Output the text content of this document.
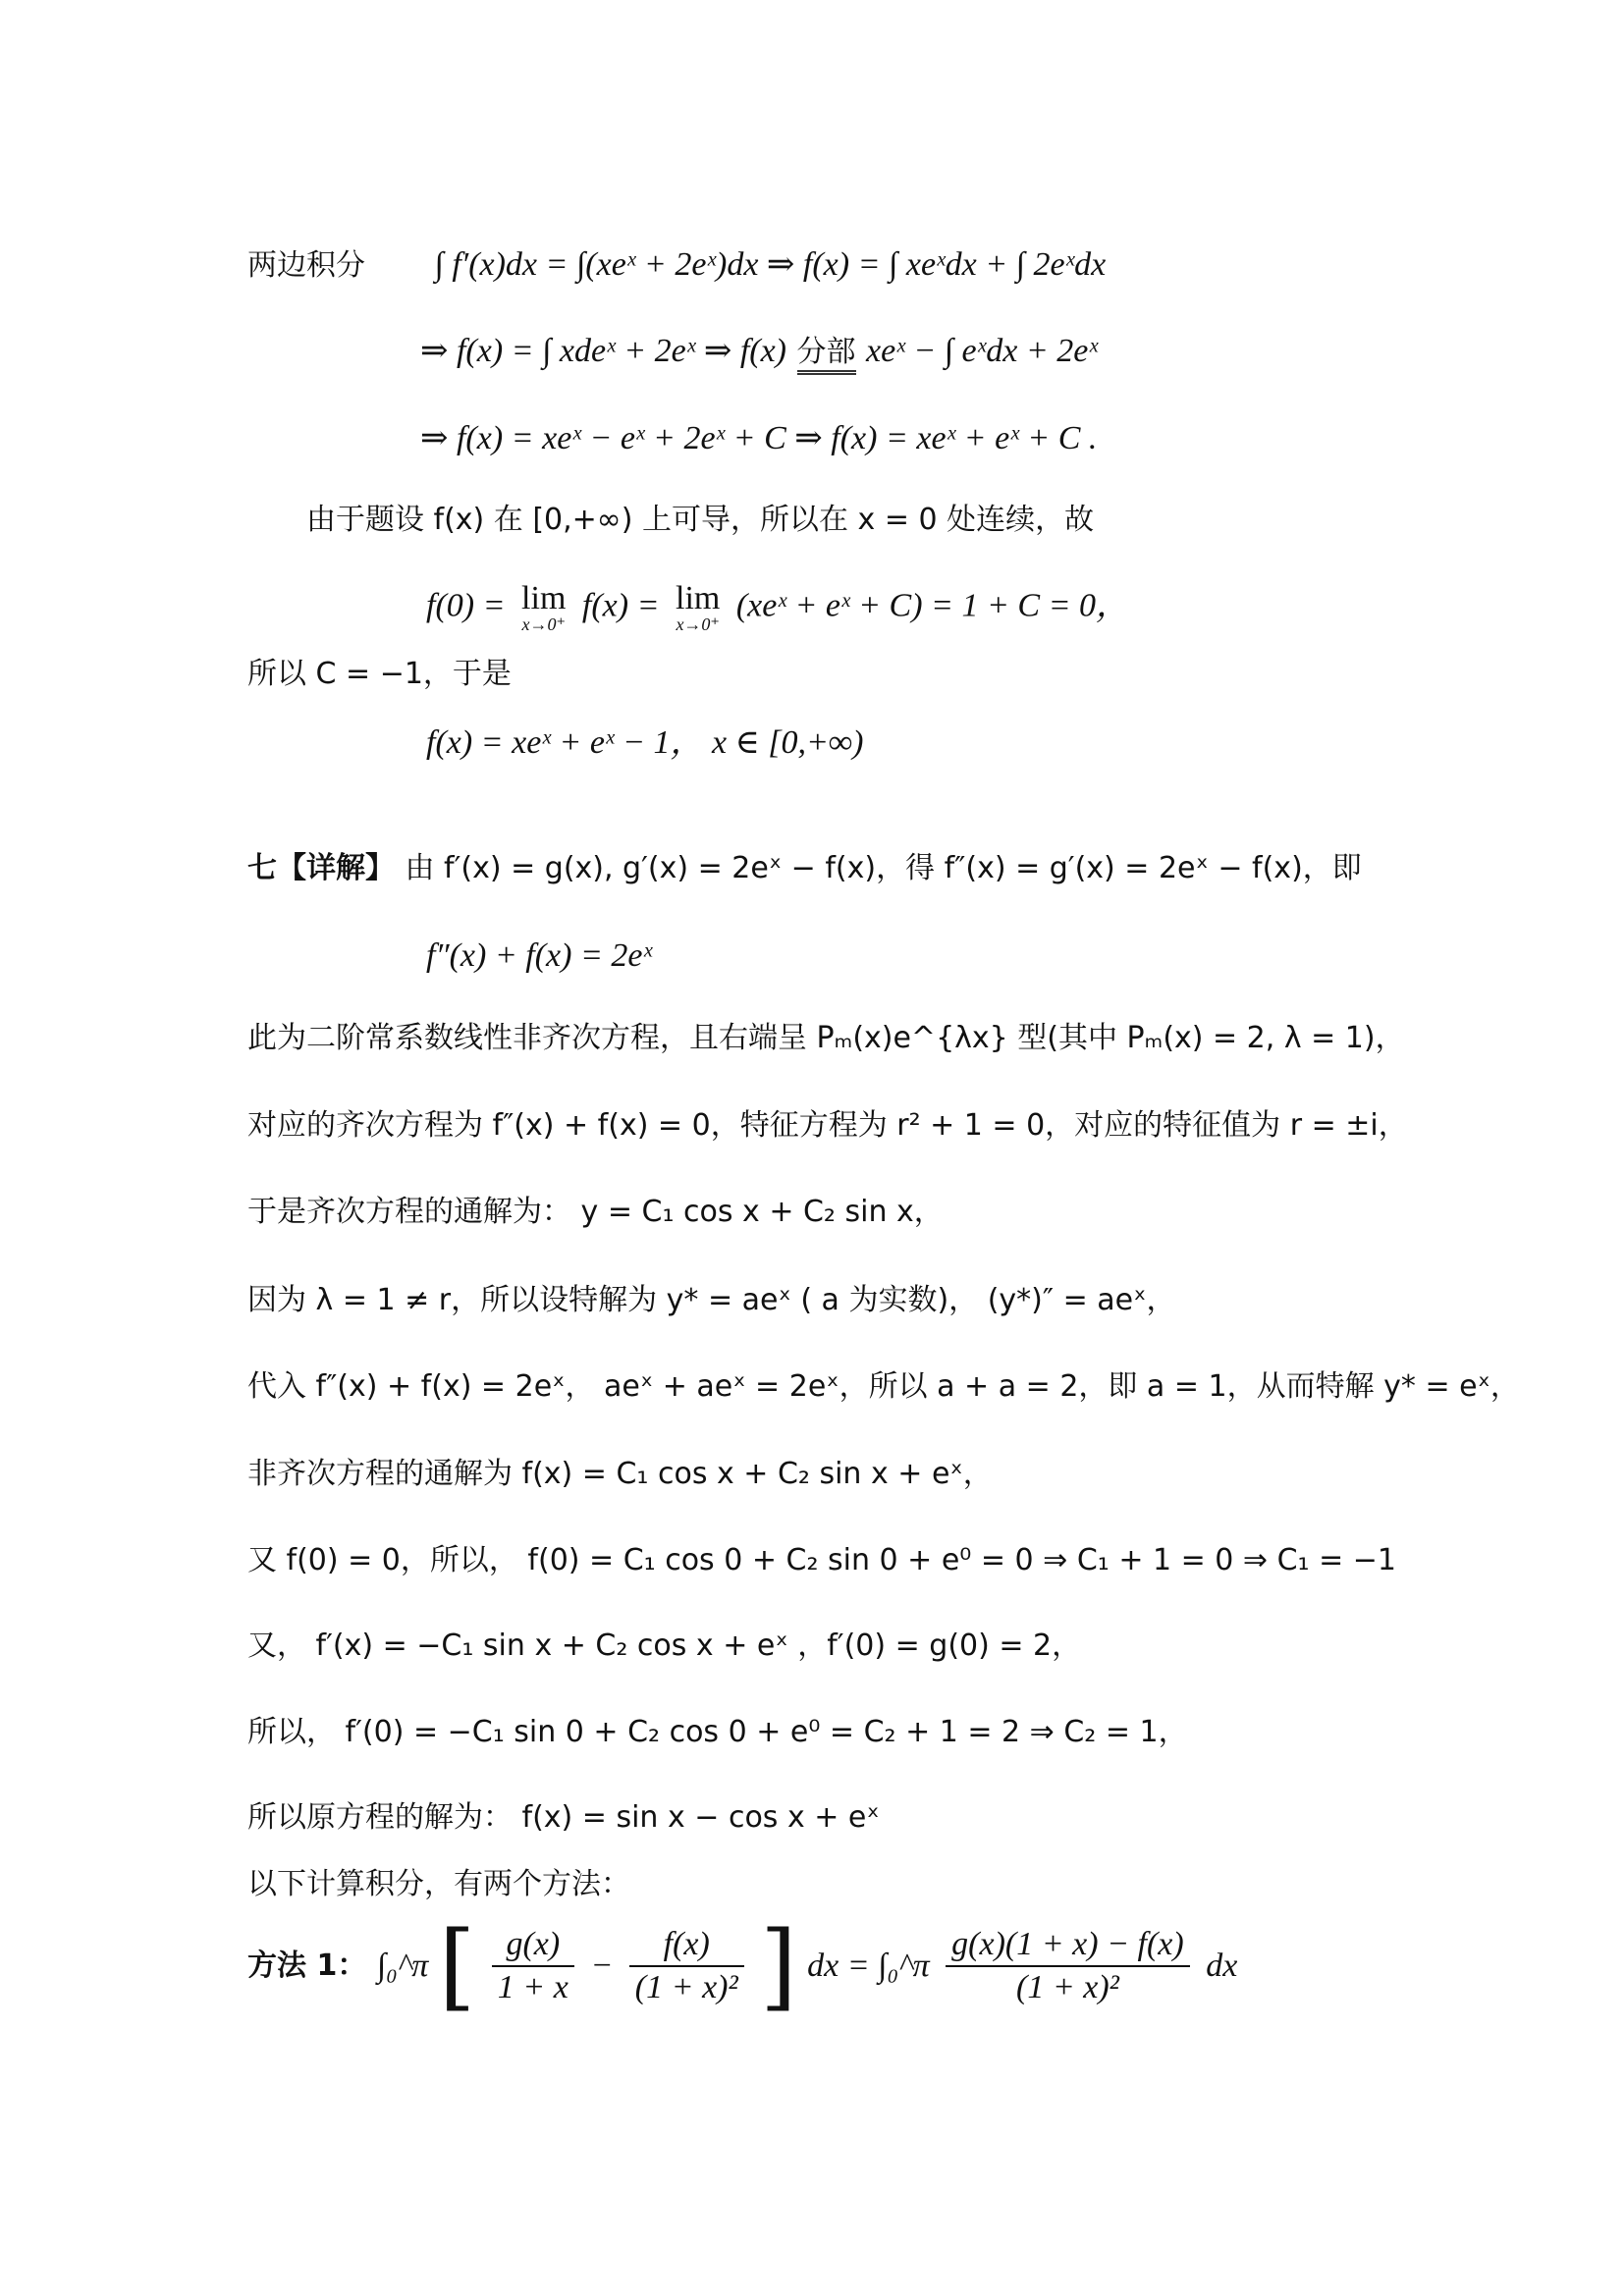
两边积分 ∫ f′(x)dx = ∫(xeˣ + 2eˣ)dx ⇒ f(x) = ∫ xeˣdx + ∫ 2eˣdx
⇒ f(x) = ∫ xdeˣ + 2eˣ ⇒ f(x) 分部 xeˣ − ∫ eˣdx + 2eˣ
⇒ f(x) = xeˣ − eˣ + 2eˣ + C ⇒ f(x) = xeˣ + eˣ + C .
由于题设 f(x) 在 [0,+∞) 上可导，所以在 x = 0 处连续，故
f(0) = lim
x→0⁺
f(x) = lim
x→0⁺
(xeˣ + eˣ + C) = 1 + C = 0，
所以 C = −1，于是
f(x) = xeˣ + eˣ − 1， x ∈ [0,+∞)
七【详解】 由 f′(x) = g(x), g′(x) = 2eˣ − f(x)，得 f″(x) = g′(x) = 2eˣ − f(x)，即
f″(x) + f(x) = 2eˣ
此为二阶常系数线性非齐次方程，且右端呈 Pₘ(x)e^{λx} 型(其中 Pₘ(x) = 2, λ = 1)，
对应的齐次方程为 f″(x) + f(x) = 0，特征方程为 r² + 1 = 0，对应的特征值为 r = ±i，
于是齐次方程的通解为： y = C₁ cos x + C₂ sin x，
因为 λ = 1 ≠ r，所以设特解为 y* = aeˣ ( a 为实数)， (y*)″ = aeˣ，
代入 f″(x) + f(x) = 2eˣ， aeˣ + aeˣ = 2eˣ，所以 a + a = 2，即 a = 1，从而特解 y* = eˣ，
非齐次方程的通解为 f(x) = C₁ cos x + C₂ sin x + eˣ，
又 f(0) = 0，所以， f(0) = C₁ cos 0 + C₂ sin 0 + e⁰ = 0 ⇒ C₁ + 1 = 0 ⇒ C₁ = −1
又， f′(x) = −C₁ sin x + C₂ cos x + eˣ ，f′(0) = g(0) = 2，
所以， f′(0) = −C₁ sin 0 + C₂ cos 0 + e⁰ = C₂ + 1 = 2 ⇒ C₂ = 1，
所以原方程的解为： f(x) = sin x − cos x + eˣ
以下计算积分，有两个方法：
方法 1： ∫₀^π [ $\frac{g(x)}{1 + x} - \frac{f(x)}{\text{(1 + x)²}}$ ] dx = ∫₀^π $\frac{g(x)(1 + x) - f(x)}{\text{(1 + x)²}}$ dx
